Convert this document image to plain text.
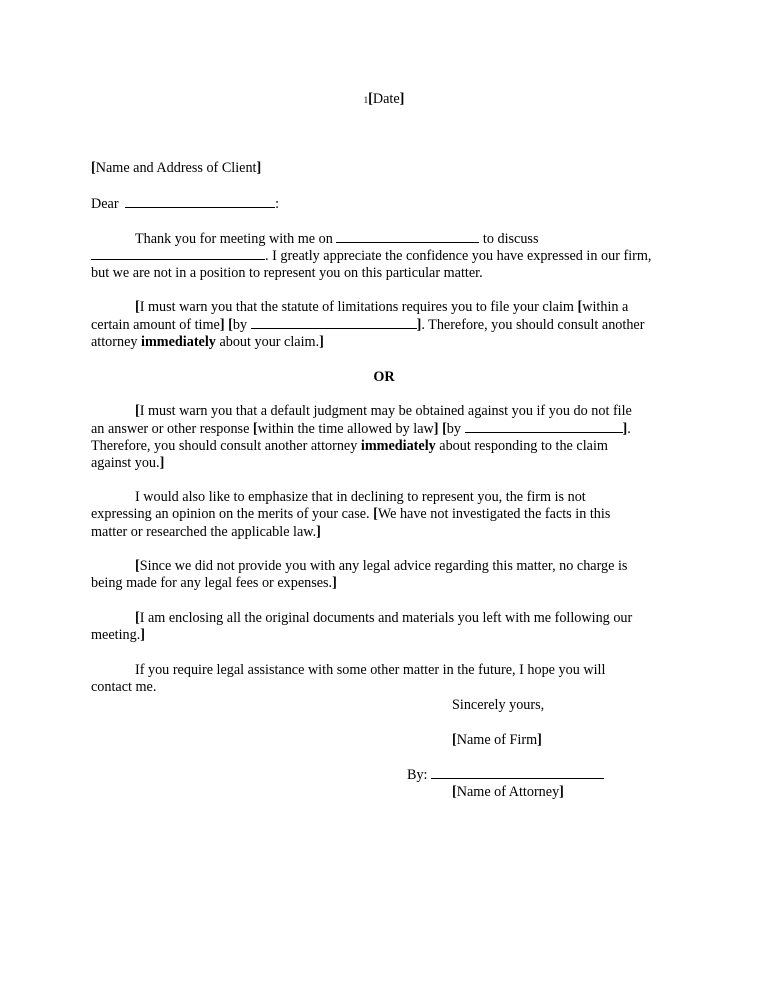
1[Date]
[Name and Address of Client]
Dear	:
Thank you for meeting with me on	to discuss
. I greatly appreciate the confidence you have expressed in our firm,
but we are not in a position to represent you on this particular matter.
[I must warn you that the statute of limitations requires you to file your claim [within a
certain amount of time] [by	]. Therefore, you should consult another
attorney immediately about your claim.]
OR
[I must warn you that a default judgment may be obtained against you if you do not file
an answer or other response [within the time allowed by law] [by	].
Therefore, you should consult another attorney immediately about responding to the claim
against you.]
I would also like to emphasize that in declining to represent you, the firm is not
expressing an opinion on the merits of your case. [We have not investigated the facts in this
matter or researched the applicable law.]
[Since we did not provide you with any legal advice regarding this matter, no charge is
being made for any legal fees or expenses.]
[I am enclosing all the original documents and materials you left with me following our
meeting.]
If you require legal assistance with some other matter in the future, I hope you will
contact me.
Sincerely yours,
[Name of Firm]
By:
[Name of Attorney]
